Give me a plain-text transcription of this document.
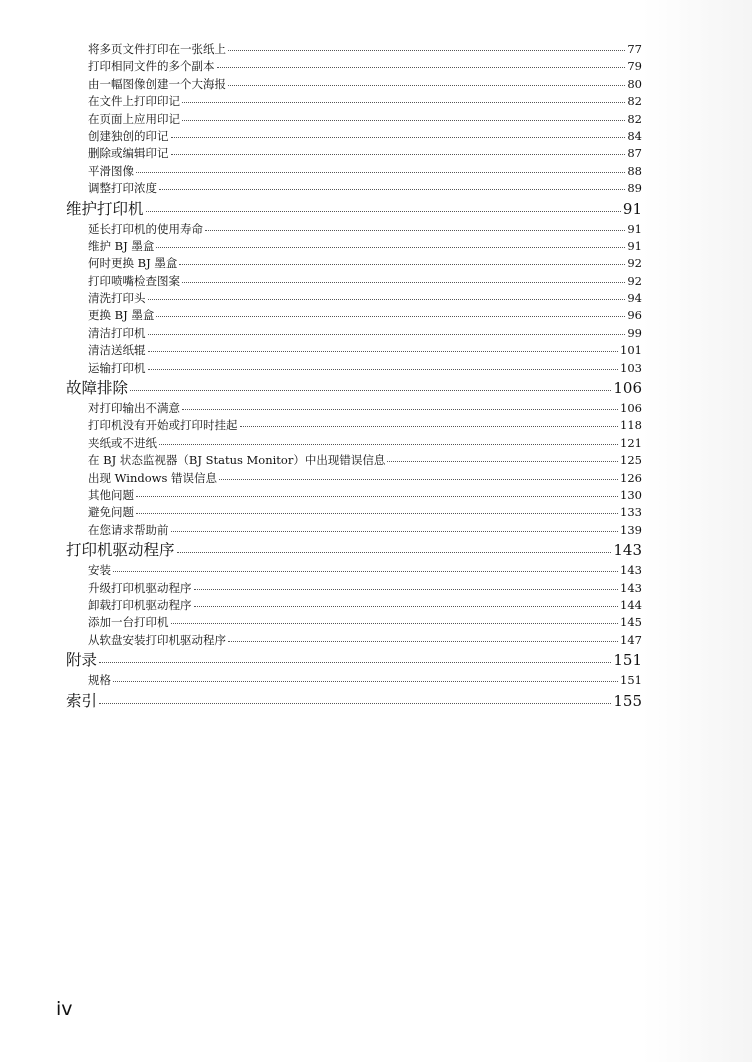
将多页文件打印在一张纸上	77
打印相同文件的多个副本	79
由一幅图像创建一个大海报	80
在文件上打印印记	82
在页面上应用印记	82
创建独创的印记	84
删除或编辑印记	87
平滑图像	88
调整打印浓度	89
维护打印机	91
延长打印机的使用寿命	91
维护 BJ 墨盒	91
何时更换 BJ 墨盒	92
打印喷嘴检查图案	92
清洗打印头	94
更换 BJ 墨盒	96
清洁打印机	99
清洁送纸辊	101
运输打印机	103
故障排除	106
对打印输出不满意	106
打印机没有开始或打印时挂起	118
夹纸或不进纸	121
在 BJ 状态监视器（BJ Status Monitor）中出现错误信息	125
出现 Windows 错误信息	126
其他问题	130
避免问题	133
在您请求帮助前	139
打印机驱动程序	143
安装	143
升级打印机驱动程序	143
卸载打印机驱动程序	144
添加一台打印机	145
从软盘安装打印机驱动程序	147
附录	151
规格	151
索引	155
iv
